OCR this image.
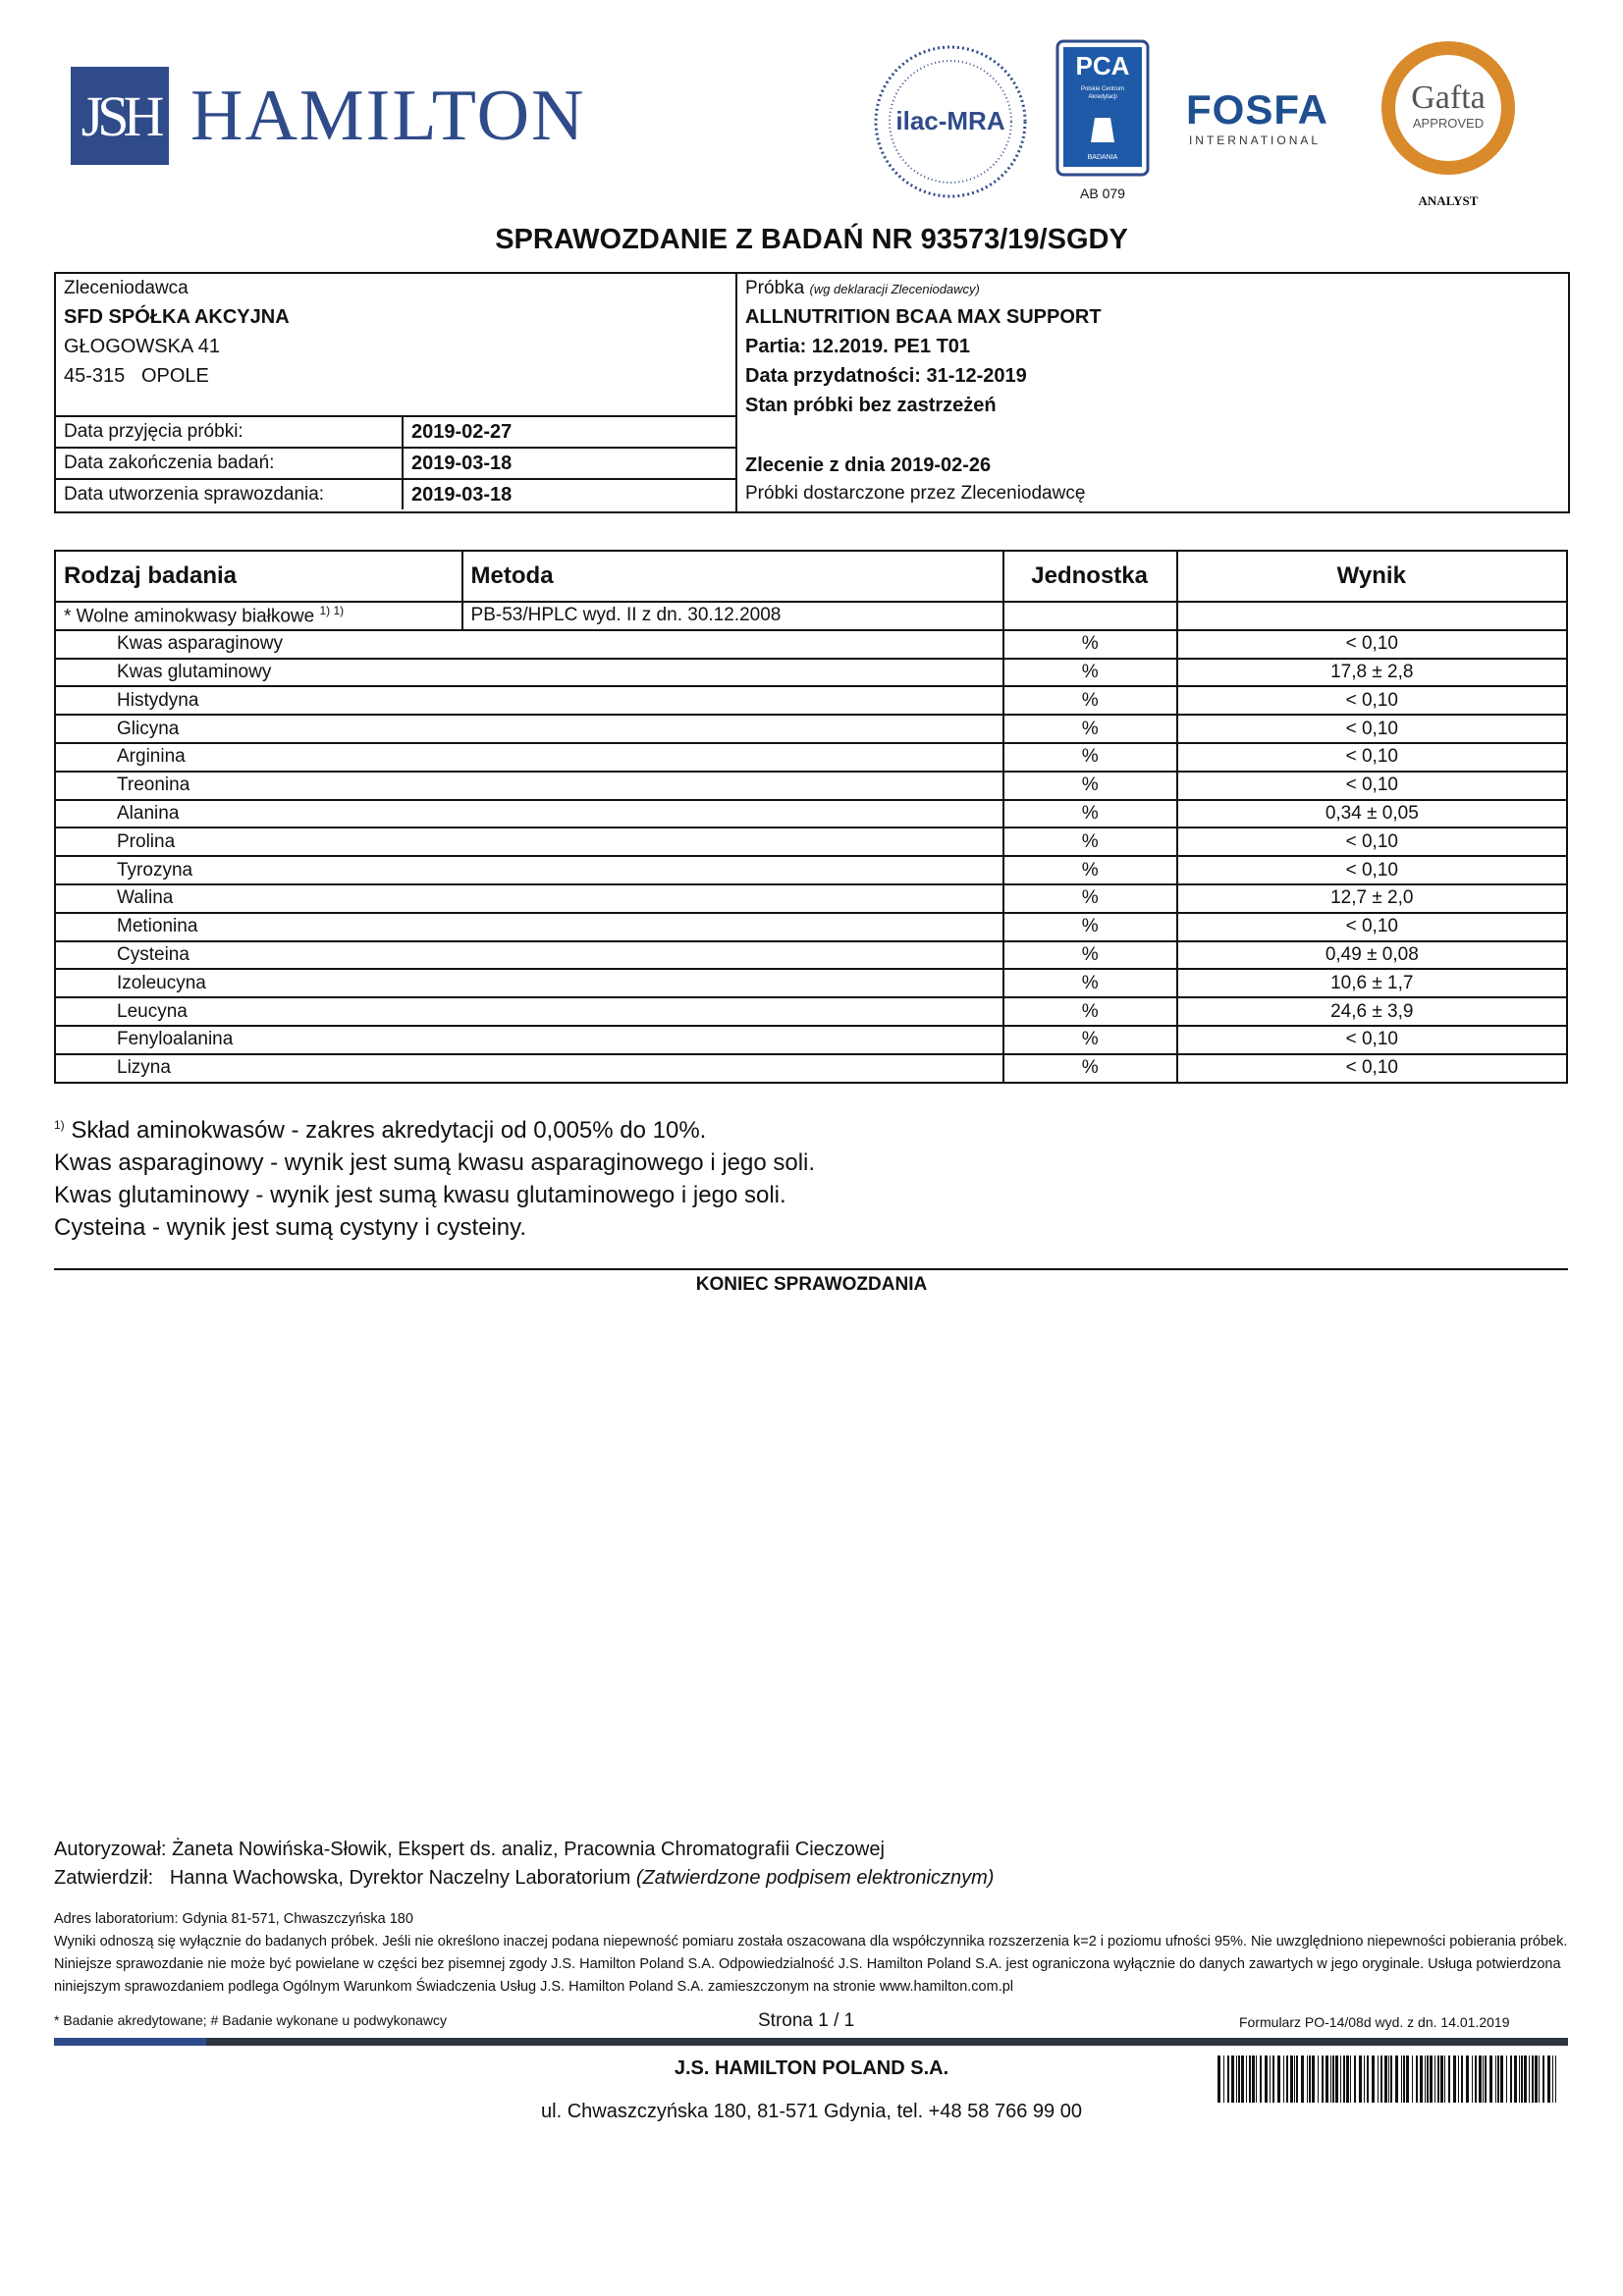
JSH HAMILTON	ilac-MRA
PCA
Polskie Centrum
Akredytacji
BADANIA
AB 079
FOSFA
INTERNATIONAL
Gafta
APPROVED
ANALYST
SPRAWOZDANIE Z BADAŃ NR 93573/19/SGDY
Zleceniodawca
SFD SPÓŁKA AKCYJNA
GŁOGOWSKA 41
45-315   OPOLE
Data przyjęcia próbki:	2019-02-27
Data zakończenia badań:	2019-03-18
Data utworzenia sprawozdania:	2019-03-18
Próbka (wg deklaracji Zleceniodawcy)
ALLNUTRITION BCAA MAX SUPPORT
Partia: 12.2019. PE1 T01
Data przydatności: 31-12-2019
Stan próbki bez zastrzeżeń
Zlecenie z dnia 2019-02-26
Próbki dostarczone przez Zleceniodawcę
Rodzaj badania	Metoda	Jednostka	Wynik
* Wolne aminokwasy białkowe $^{1) 1)}$	PB-53/HPLC wyd. II z dn. 30.12.2008		
Kwas asparaginowy		%	< 0,10
Kwas glutaminowy		%	17,8 ± 2,8
Histydyna		%	< 0,10
Glicyna		%	< 0,10
Arginina		%	< 0,10
Treonina		%	< 0,10
Alanina		%	0,34 ± 0,05
Prolina		%	< 0,10
Tyrozyna		%	< 0,10
Walina		%	12,7 ± 2,0
Metionina		%	< 0,10
Cysteina		%	0,49 ± 0,08
Izoleucyna		%	10,6 ± 1,7
Leucyna		%	24,6 ± 3,9
Fenyloalanina		%	< 0,10
Lizyna		%	< 0,10
$^{1)}$ Skład aminokwasów - zakres akredytacji od 0,005% do 10%.
Kwas asparaginowy - wynik jest sumą kwasu asparaginowego i jego soli.
Kwas glutaminowy - wynik jest sumą kwasu glutaminowego i jego soli.
Cysteina - wynik jest sumą cystyny i cysteiny.
KONIEC SPRAWOZDANIA
Autoryzował: Żaneta Nowińska-Słowik, Ekspert ds. analiz, Pracownia Chromatografii Cieczowej
Zatwierdził: Hanna Wachowska, Dyrektor Naczelny Laboratorium (Zatwierdzone podpisem elektronicznym)
Adres laboratorium: Gdynia 81-571, Chwaszczyńska 180
Wyniki odnoszą się wyłącznie do badanych próbek. Jeśli nie określono inaczej podana niepewność pomiaru została oszacowana dla współczynnika rozszerzenia k=2 i poziomu ufności 95%. Nie uwzględniono niepewności pobierania próbek. Niniejsze sprawozdanie nie może być powielane w części bez pisemnej zgody J.S. Hamilton Poland S.A. Odpowiedzialność J.S. Hamilton Poland S.A. jest ograniczona wyłącznie do danych zawartych w jego oryginale. Usługa potwierdzona niniejszym sprawozdaniem podlega Ogólnym Warunkom Świadczenia Usług J.S. Hamilton Poland S.A. zamieszczonym na stronie www.hamilton.com.pl
* Badanie akredytowane; # Badanie wykonane u podwykonawcy	Strona 1 / 1	Formularz PO-14/08d wyd. z dn. 14.01.2019
J.S. HAMILTON POLAND S.A.
ul. Chwaszczyńska 180, 81-571 Gdynia, tel. +48 58 766 99 00
